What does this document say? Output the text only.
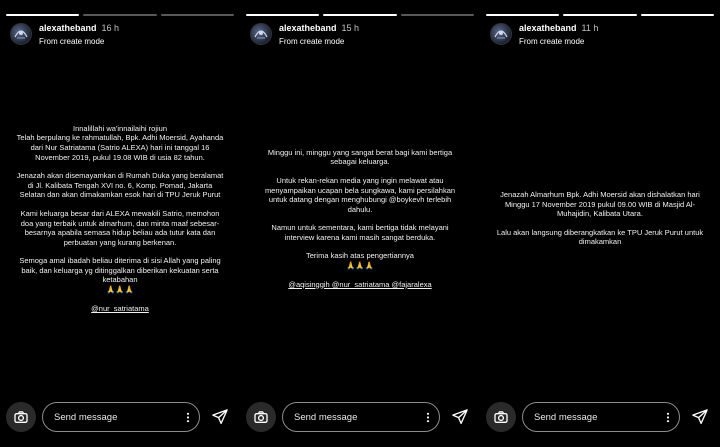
alexatheband 16 h
From create mode

Innalillahi wa'innailaihi rojiun
Telah berpulang ke rahmatullah, Bpk. Adhi Moersid, Ayahanda dari Nur Satriatama (Satrio ALEXA) hari ini tanggal 16 November 2019, pukul 19.08 WIB di usia 82 tahun.

Jenazah akan disemayamkan di Rumah Duka yang beralamat di Jl. Kalibata Tengah XVI no. 6, Komp. Pomad, Jakarta Selatan dan akan dimakamkan esok hari di TPU Jeruk Purut

Kami keluarga besar dari ALEXA mewakili Satrio, memohon doa yang terbaik untuk almarhum, dan minta maaf sebesar-besarnya apabila semasa hidup beliau ada tutur kata dan perbuatan yang kurang berkenan.

Semoga amal ibadah beliau diterima di sisi Allah yang paling baik, dan keluarga yg ditinggalkan diberikan kekuatan serta ketabahan
🙏🙏🙏

@nur_satriatama

Send message
alexatheband 15 h
From create mode

Minggu ini, minggu yang sangat berat bagi kami bertiga sebagai keluarga.

Untuk rekan-rekan media yang ingin melawat atau menyampaikan ucapan bela sungkawa, kami persilahkan untuk datang dengan menghubungi @boykevh terlebih dahulu.

Namun untuk sementara, kami bertiga tidak melayani interview karena kami masih sangat berduka.

Terima kasih atas pengertiannya
🙏🙏🙏

@aqisinggih @nur_satriatama @fajaralexa

Send message
alexatheband 11 h
From create mode

Jenazah Almarhum Bpk. Adhi Moersid akan dishalatkan hari Minggu 17 November 2019 pukul 09.00 WIB di Masjid Al-Muhajidin, Kalibata Utara.

Lalu akan langsung diberangkatkan ke TPU Jeruk Purut untuk dimakamkan

Send message
